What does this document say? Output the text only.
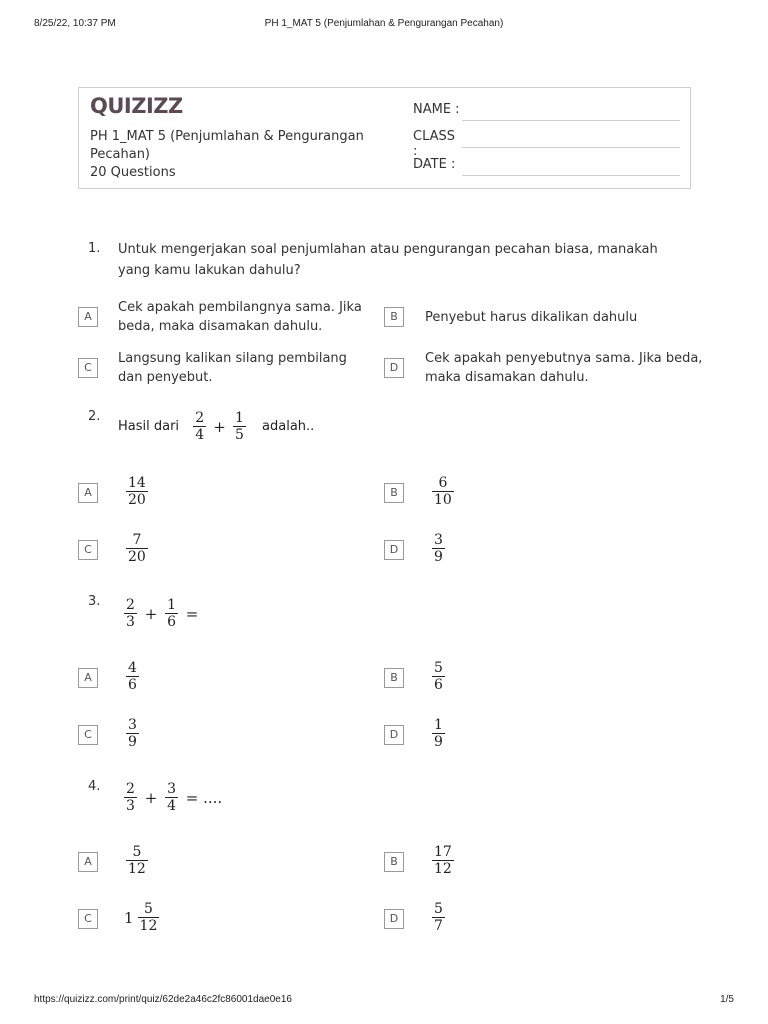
8/25/22, 10:37 PM	PH 1_MAT 5 (Penjumlahan & Pengurangan Pecahan)
QUIZIZZ
PH 1_MAT 5 (Penjumlahan & Pengurangan Pecahan)
20 Questions
NAME :
CLASS :
DATE :
1. Untuk mengerjakan soal penjumlahan atau pengurangan pecahan biasa, manakah yang kamu lakukan dahulu?
A
Cek apakah pembilangnya sama. Jika beda, maka disamakan dahulu.
B	Penyebut harus dikalikan dahulu
C
Langsung kalikan silang pembilang dan penyebut.
D
Cek apakah penyebutnya sama. Jika beda, maka disamakan dahulu.
2.
Hasil dari $\frac{2}{4} + \frac{1}{5}$ adalah..
A	$\frac{14}{20}$	B	$\frac{6}{10}$
C	$\frac{7}{20}$	D	$\frac{3}{9}$
3. $\frac{2}{3} + \frac{1}{6}$ =
A	$\frac{4}{6}$	B	$\frac{5}{6}$
C	$\frac{3}{9}$	D	$\frac{1}{9}$
4. $\frac{2}{3} + \frac{3}{4}$ = ....
A	$\frac{5}{12}$	B	$\frac{17}{12}$
C	$1 \frac{5}{12}$	D	$\frac{5}{7}$
https://quizizz.com/print/quiz/62de2a46c2fc86001dae0e16	1/5
